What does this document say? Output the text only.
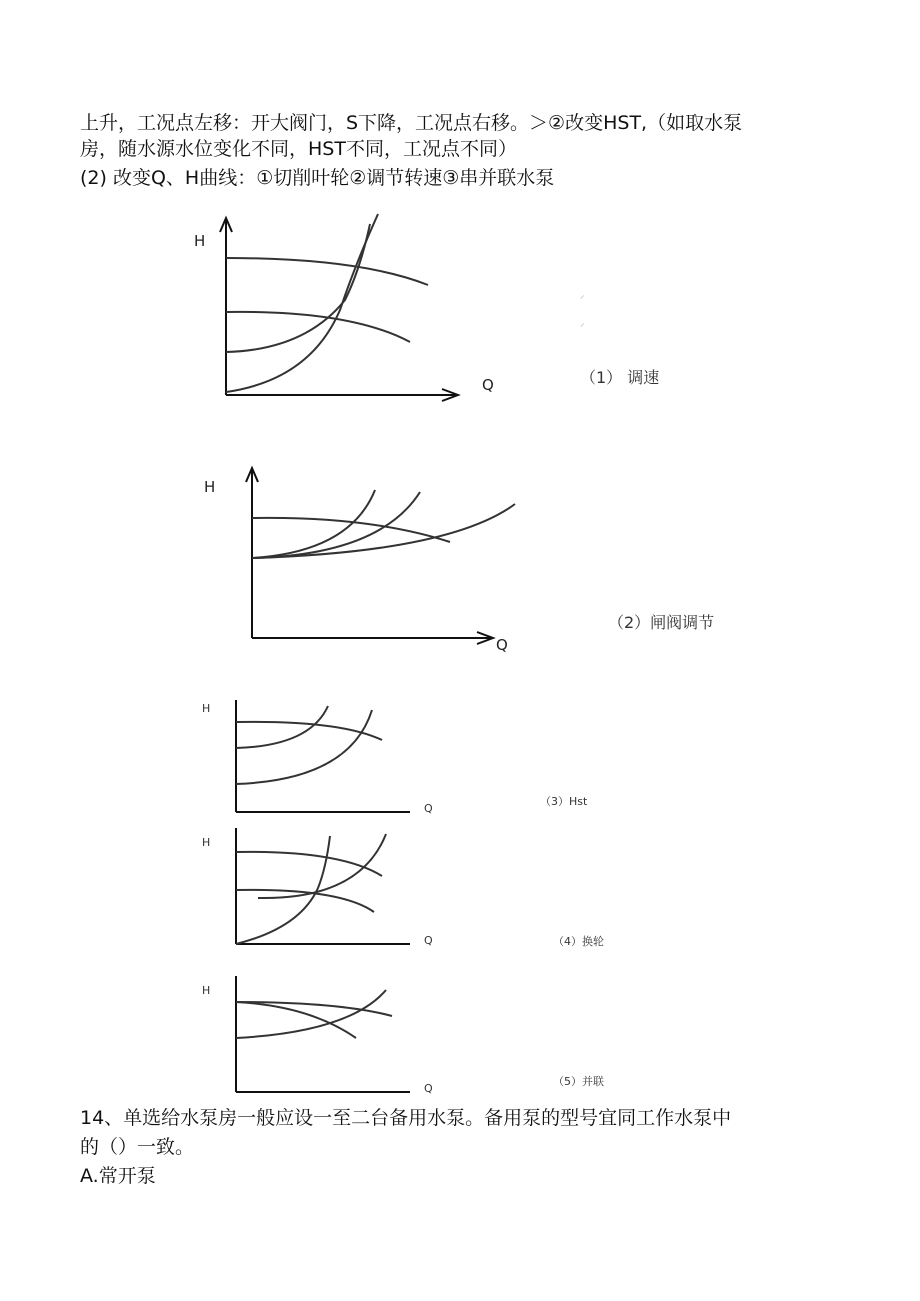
上升，工况点左移：开大阀门，S下降，工况点右移。＞②改变HST,（如取水泵
房，随水源水位变化不同，HST不同，工况点不同）
(2) 改变Q、H曲线：①切削叶轮②调节转速③串并联水泵
H
Q	（1） 调速
⸝
⸝
H
Q
（2）闸阀调节
H
Q
（3）Hst
H
Q	（4）换轮
H
Q
（5）并联
14、单选给水泵房一般应设一至二台备用水泵。备用泵的型号宜同工作水泵中
的（）一致。
A.常开泵
